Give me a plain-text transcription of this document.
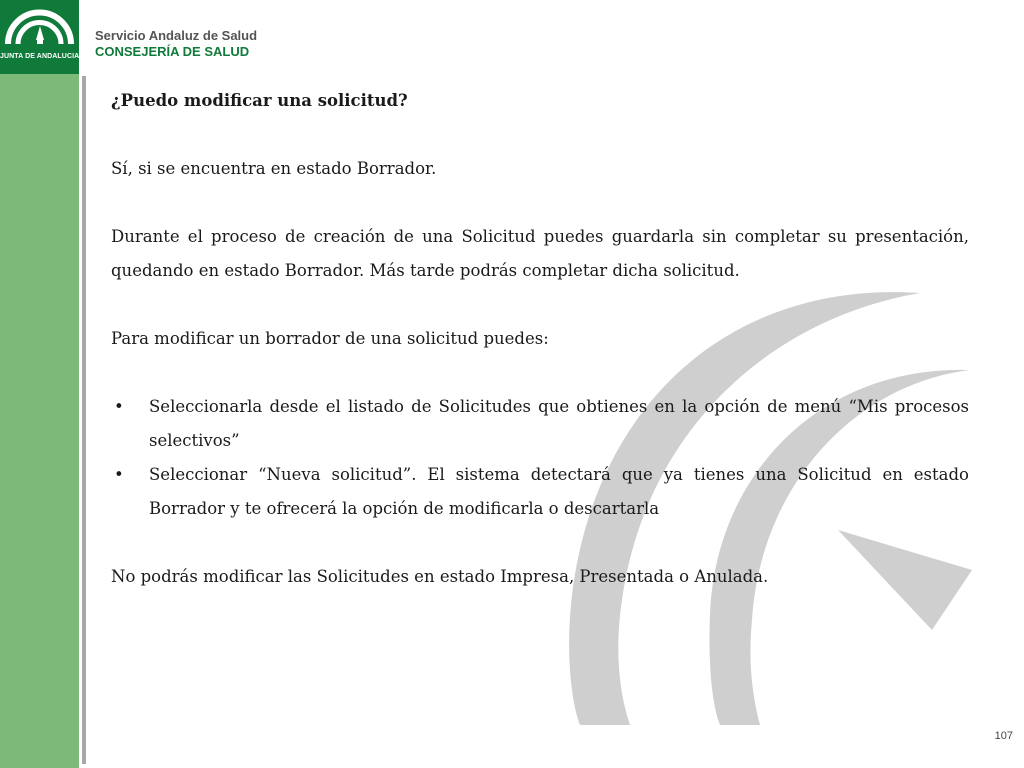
JUNTA DE ANDALUCIA
Servicio Andaluz de Salud
CONSEJERÍA DE SALUD

¿Puedo modificar una solicitud?

Sí, si se encuentra en estado Borrador.

Durante el proceso de creación de una Solicitud puedes guardarla sin completar su presentación, quedando en estado Borrador. Más tarde podrás completar dicha solicitud.

Para modificar un borrador de una solicitud puedes:

• Seleccionarla desde el listado de Solicitudes que obtienes en la opción de menú “Mis procesos selectivos”
• Seleccionar “Nueva solicitud”. El sistema detectará que ya tienes una Solicitud en estado Borrador y te ofrecerá la opción de modificarla o descartarla

No podrás modificar las Solicitudes en estado Impresa, Presentada o Anulada.

107
